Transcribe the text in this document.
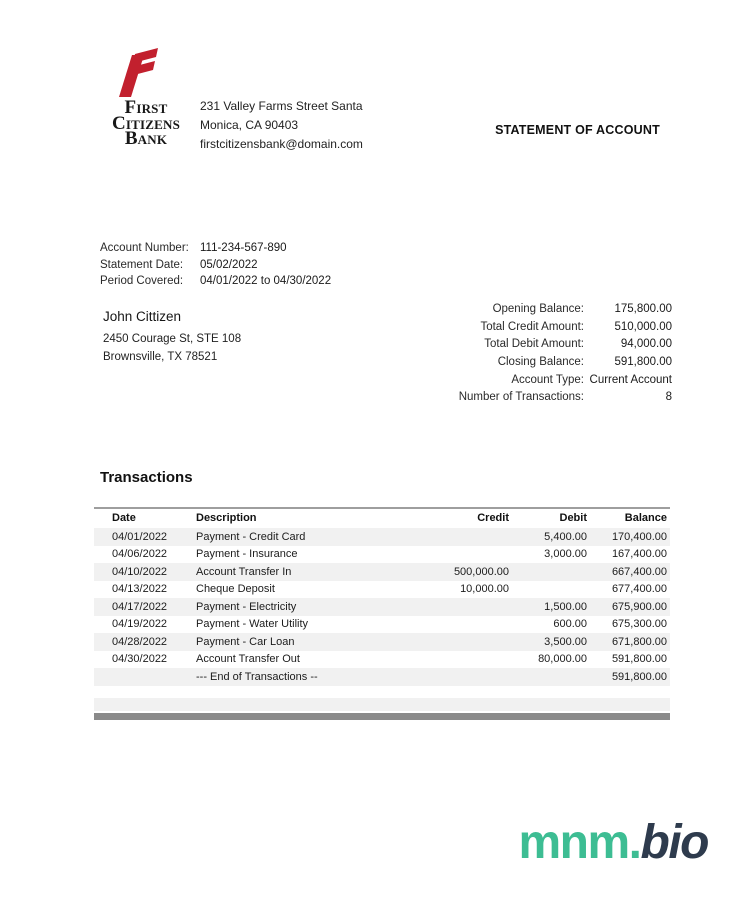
First
Citizens
Bank
231 Valley Farms Street Santa
Monica, CA 90403
firstcitizensbank@domain.com
STATEMENT OF ACCOUNT
Account Number: 111-234-567-890
Statement Date:	05/02/2022
Period Covered:	04/01/2022 to 04/30/2022
John Cittizen
2450 Courage St, STE 108
Brownsville, TX 78521
Opening Balance:	175,800.00
Total Credit Amount:	510,000.00
Total Debit Amount:	94,000.00
Closing Balance:	591,800.00
Account Type: Current Account
Number of Transactions:	8
Transactions
Date	Description	Credit	Debit	Balance
04/01/2022	Payment - Credit Card		5,400.00	170,400.00
04/06/2022	Payment - Insurance		3,000.00	167,400.00
04/10/2022	Account Transfer In	500,000.00		667,400.00
04/13/2022	Cheque Deposit	10,000.00		677,400.00
04/17/2022	Payment - Electricity		1,500.00	675,900.00
04/19/2022	Payment - Water Utility		600.00	675,300.00
04/28/2022	Payment - Car Loan		3,500.00	671,800.00
04/30/2022	Account Transfer Out		80,000.00	591,800.00
	--- End of Transactions --			591,800.00
mnm.bio
